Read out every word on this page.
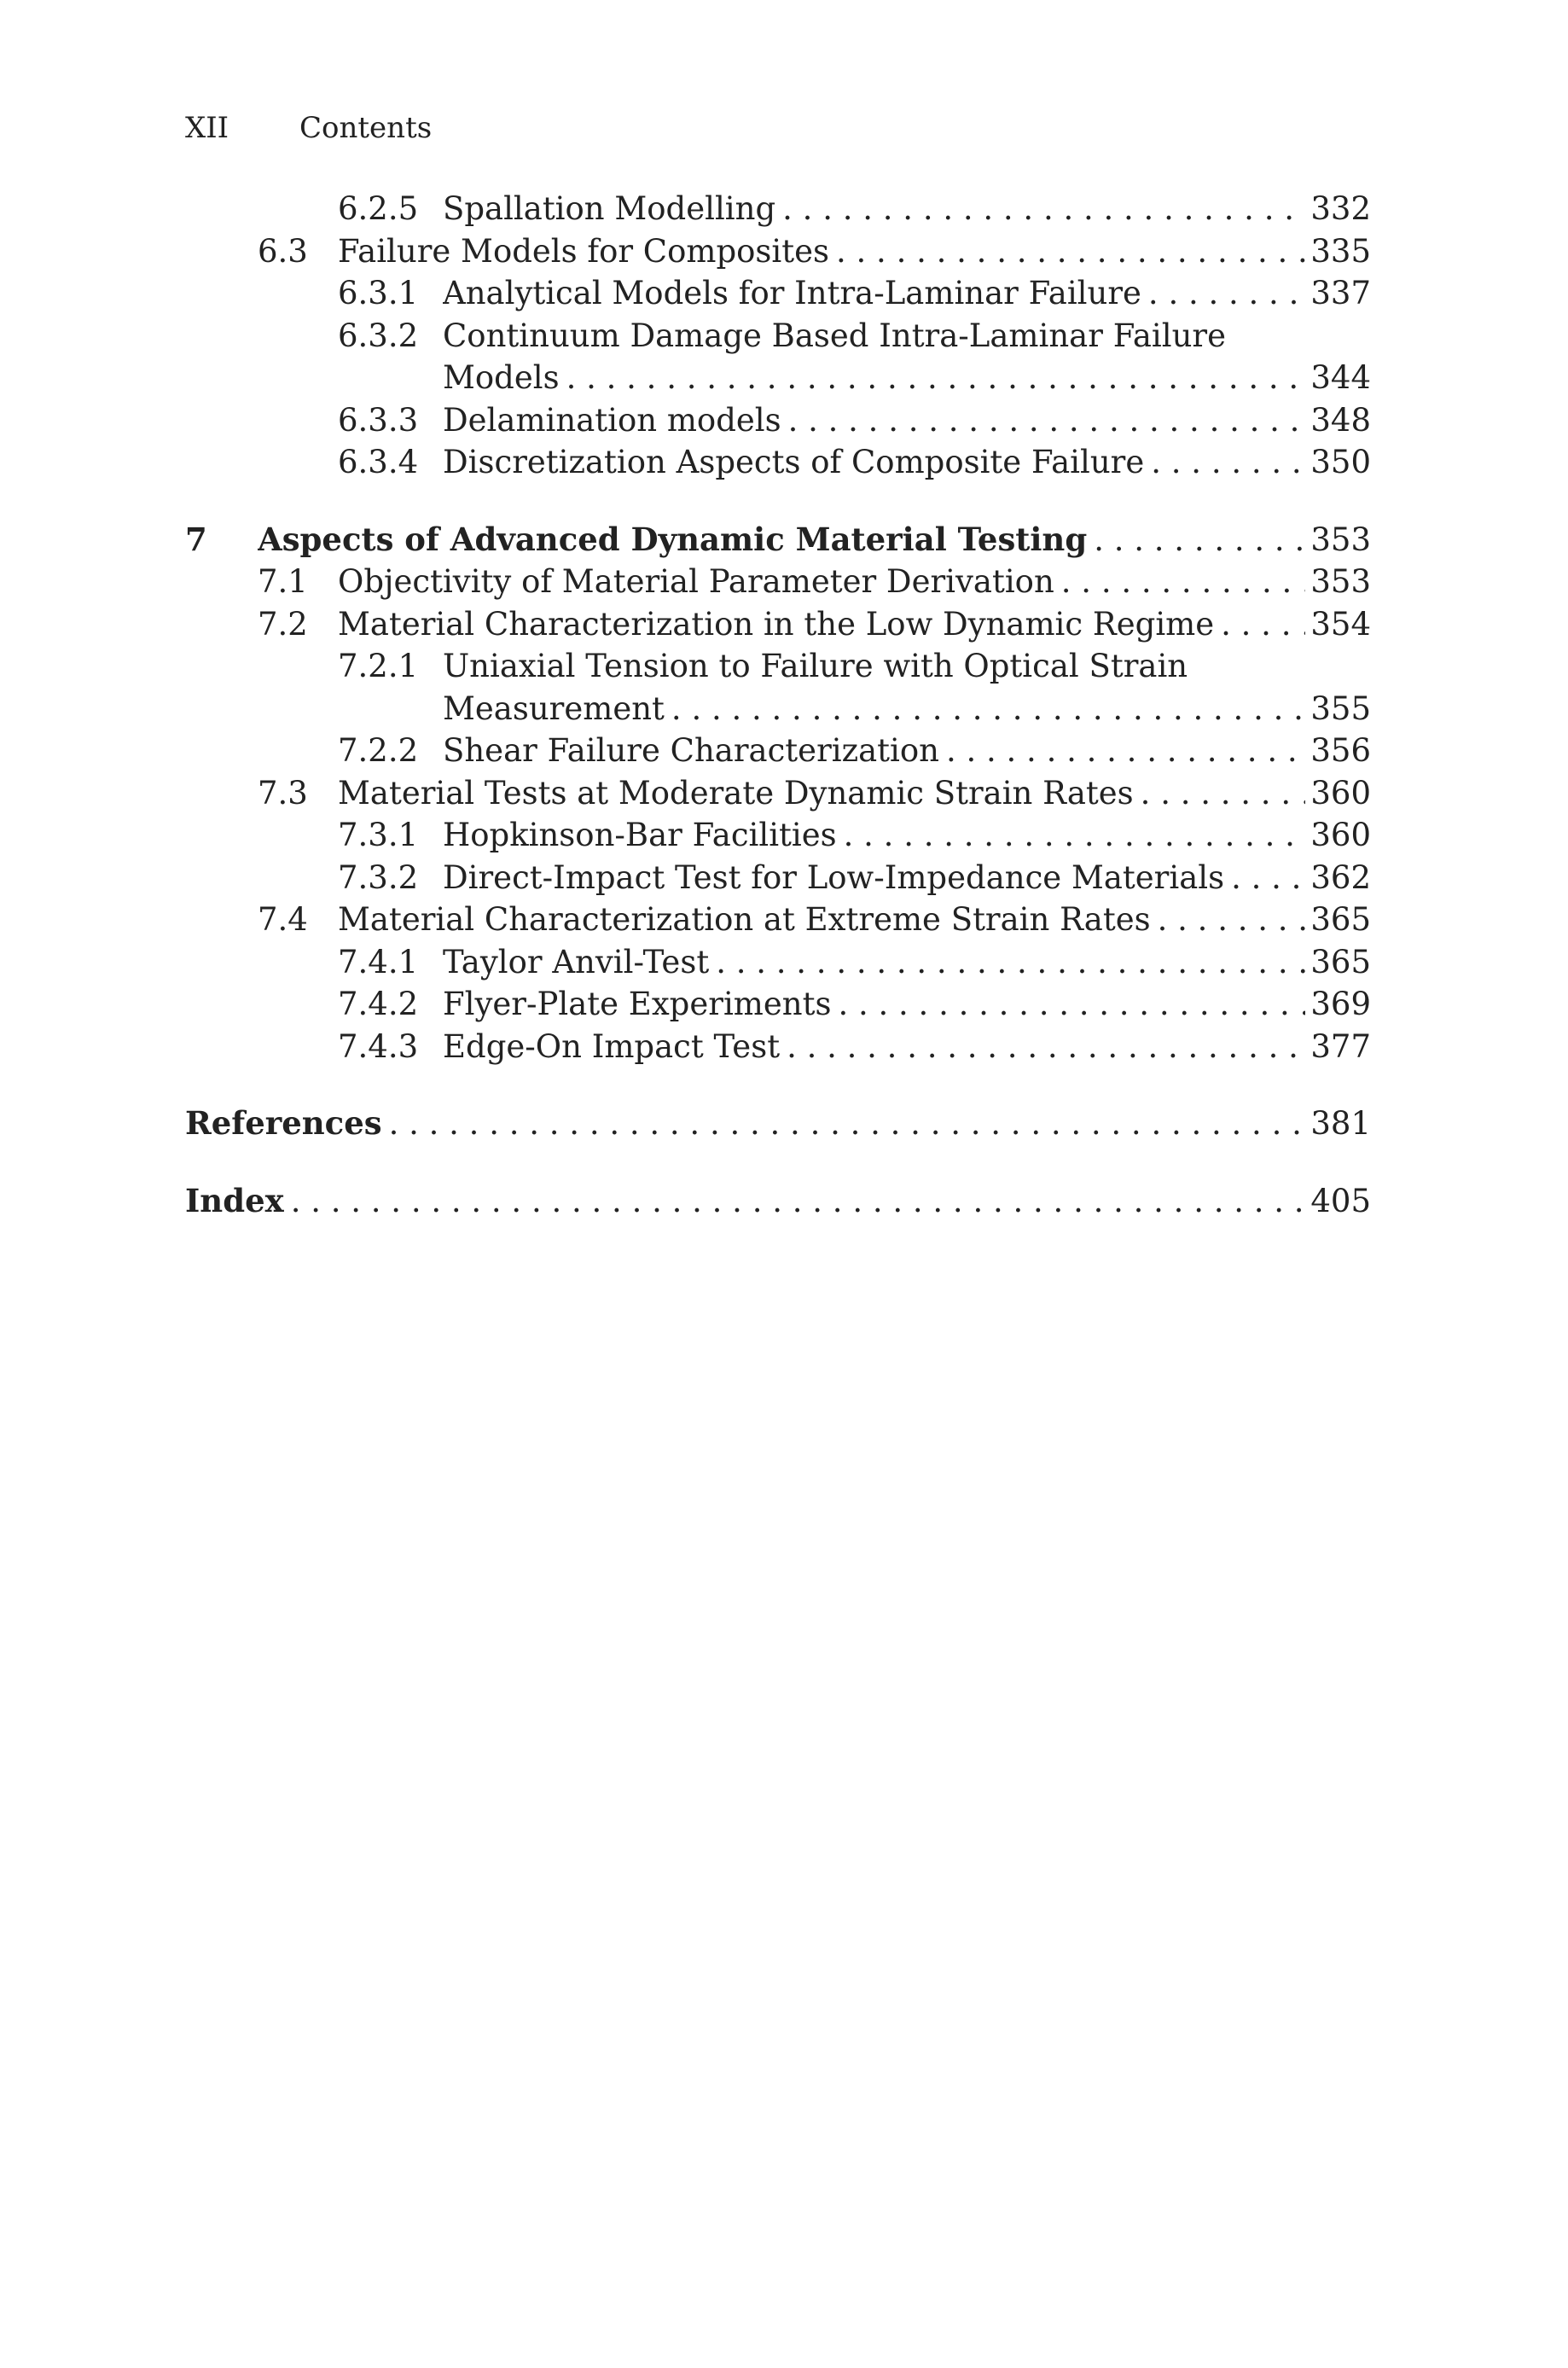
XII Contents
6.2.5 Spallation Modelling . . .	332
6.3 Failure Models for Composites . . .	335
6.3.1 Analytical Models for Intra-Laminar Failure . . .	337
6.3.2 Continuum Damage Based Intra-Laminar Failure
Models . . .	344
6.3.3 Delamination models . . .	348
6.3.4 Discretization Aspects of Composite Failure . . .	350
7 Aspects of Advanced Dynamic Material Testing . . .	353
7.1 Objectivity of Material Parameter Derivation . . .	353
7.2 Material Characterization in the Low Dynamic Regime . . .	354
7.2.1 Uniaxial Tension to Failure with Optical Strain
Measurement . . .	355
7.2.2 Shear Failure Characterization . . .	356
7.3 Material Tests at Moderate Dynamic Strain Rates . . .	360
7.3.1 Hopkinson-Bar Facilities . . .	360
7.3.2 Direct-Impact Test for Low-Impedance Materials . . .	362
7.4 Material Characterization at Extreme Strain Rates . . .	365
7.4.1 Taylor Anvil-Test . . .	365
7.4.2 Flyer-Plate Experiments . . .	369
7.4.3 Edge-On Impact Test . . .	377
References . . .	381
Index . . .	405
